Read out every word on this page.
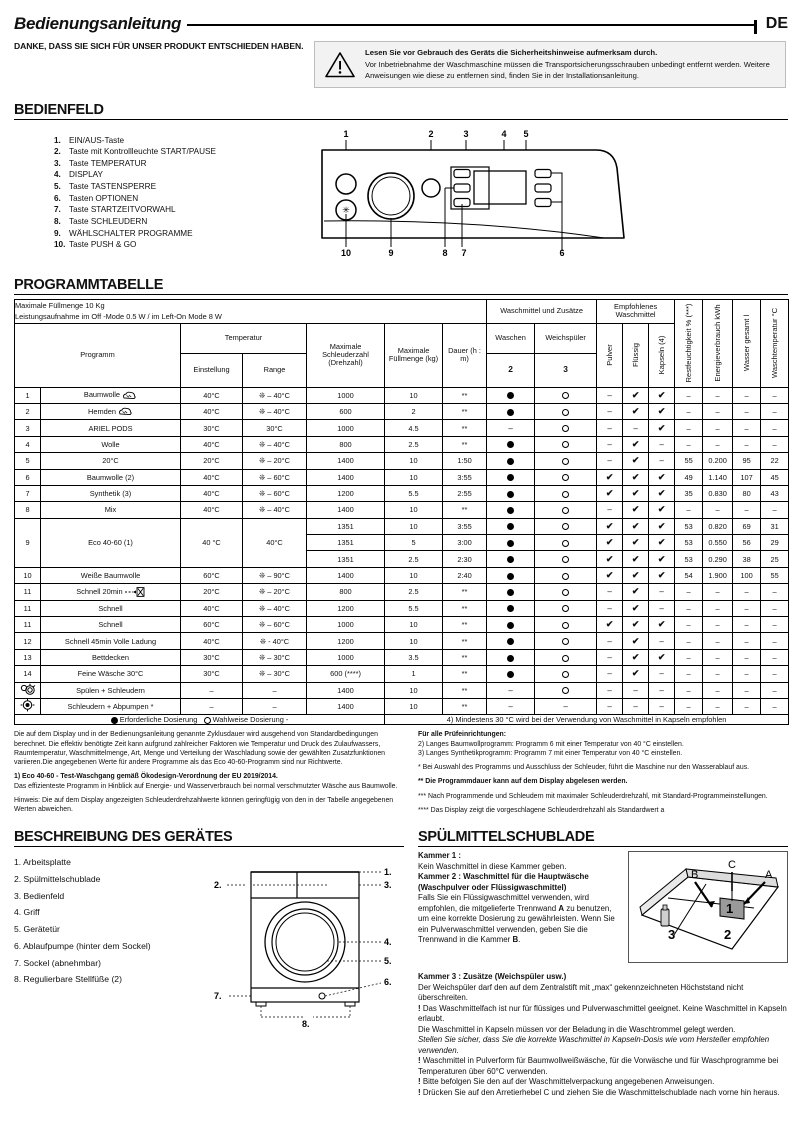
Bedienungsanleitung	DE
DANKE, DASS SIE SICH FÜR UNSER PRODUKT ENTSCHIEDEN HABEN.
Lesen Sie vor Gebrauch des Geräts die Sicherheitshinweise aufmerksam durch.
Vor Inbetriebnahme der Waschmaschine müssen die Transportsicherungsschrauben unbedingt entfernt werden. Weitere Anweisungen wie diese zu entfernen sind, finden Sie in der Installationsanleitung.
BEDIENFELD
1. EIN/AUS-Taste
2. Taste mit Kontrollleuchte START/PAUSE
3. Taste TEMPERATUR
4. DISPLAY
5. Taste TASTENSPERRE
6. Tasten OPTIONEN
7. Taste STARTZEITVORWAHL
8. Taste SCHLEUDERN
9. WÄHLSCHALTER PROGRAMME
10. Taste PUSH & GO
1	2	3	4 5
✳
10	9	8 7	6
PROGRAMMTABELLE
Maximale Füllmenge 10 Kg
Leistungsaufnahme im Off -Mode 0.5 W / im Left-On Mode 8 W							Waschmittel und Zusätze		Empfohlenes Waschmittel			Restfeuchtigkeit % (***)	Energieverbrauch kWh	Wasser gesamt l	Waschtemperatur °C

Programm		Temperatur		Maximale Schleuderzahl (Drehzahl)	Maximale Füllmenge (kg)	Dauer (h : m)	Waschen	Weichspüler	Pulver	Flüssig	Kapseln (4)				

		Einstellung	Range				2	3							
1	Baumwolle	40°C	❊ – 40°C	1000	10	**			–	✔	✔	–	–	–	–
2	Hemden	40°C	❊ – 40°C	600	2	**			–	✔	✔	–	–	–	–
3	ARIEL PODS	30°C	30°C	1000	4.5	**	–		–	–	✔	–	–	–	–
4	Wolle	40°C	❊ – 40°C	800	2.5	**			–	✔	–	–	–	–	–
5	20°C	20°C	❊ – 20°C	1400	10	1:50			–	✔	–	55	0.200	95	22
6	Baumwolle (2)	40°C	❊ – 60°C	1400	10	3:55			✔	✔	✔	49	1.140	107	45
7	Synthetik (3)	40°C	❊ – 60°C	1200	5.5	2:55			✔	✔	✔	35	0.830	80	43
8	Mix	40°C	❊ – 40°C	1400	10	**			–	✔	✔	–	–	–	–
9	Eco 40-60 (1)	40 °C	40°C	1351	10	3:55			✔	✔	✔	53	0.820	69	31
				1351	5	3:00			✔	✔	✔	53	0.550	56	29
				1351	2.5	2:30			✔	✔	✔	53	0.290	38	25
10	Weiße Baumwolle	60°C	❊ – 90°C	1400	10	2:40			✔	✔	✔	54	1.900	100	55
11	Schnell 20min	20°C	❊ – 20°C	800	2.5	**			–	✔	–	–	–	–	–
11	Schnell	40°C	❊ – 40°C	1200	5.5	**			–	✔	–	–	–	–	–
11	Schnell	60°C	❊ – 60°C	1000	10	**			✔	✔	✔	–	–	–	–
12	Schnell 45min Volle Ladung	40°C	❊ - 40°C	1200	10	**			–	✔	–	–	–	–	–
13	Bettdecken	30°C	❊ – 30°C	1000	3.5	**			–	✔	✔	–	–	–	–
14	Feine Wäsche 30°C	30°C	❊ – 30°C	600 (****)	1	**			–	✔	–	–	–	–	–
	Spülen + Schleudern	–	–	1400	10	**	–		–	–	–	–	–	–	–
	Schleudern + Abpumpen *	–	–	1400	10	**	–	–	–	–	–	–	–	–	–
Erforderliche Dosierung Wahlweise Dosierung -					4) Mindestens 30 °C wird bei der Verwendung von Waschmittel in Kapseln empfohlen										

Die auf dem Display und in der Bedienungsanleitung genannte Zyklusdauer wird ausgehend von Standardbedingungen berechnet. Die effektiv benötigte Zeit kann aufgrund zahlreicher Faktoren wie Temperatur und Druck des Zulaufwassers, Raumtemperatur, Waschmittelmenge, Art, Menge und Verteilung der Waschladung sowie der gewählten Zusatzfunktionen variieren.Die angegebenen Werte für andere Programme als das Eco 40-60-Programm sind nur Richtwerte.

1) Eco 40-60 - Test-Waschgang gemäß Ökodesign-Verordnung der EU 2019/2014.
Das effizienteste Programm in Hinblick auf Energie- und Wasserverbrauch bei normal verschmutzter Wäsche aus Baumwolle.

Hinweis: Die auf dem Display angezeigten Schleuderdrehzahlwerte können geringfügig von den in der Tabelle angegebenen Werten abweichen.

Für alle Prüfeinrichtungen:
2) Langes Baumwollprogramm: Programm 6 mit einer Temperatur von 40 °C einstellen.
3) Langes Synthetikprogramm: Programm 7 mit einer Temperatur von 40 °C einstellen.

* Bei Auswahl des Programms und Ausschluss der Schleuder, führt die Maschine nur den Wasserablauf aus.

** Die Programmdauer kann auf dem Display abgelesen werden.

*** Nach Programmende und Schleudern mit maximaler Schleuderdrehzahl, mit Standard-Programmeinstellungen.

**** Das Display zeigt die vorgeschlagene Schleuderdrehzahl als Standardwert a

BESCHREIBUNG DES GERÄTES
1. Arbeitsplatte
2. Spülmittelschublade
3. Bedienfeld
4. Griff
5. Gerätetür
6. Ablaufpumpe (hinter dem Sockel)
7. Sockel (abnehmbar)
8. Regulierbare Stellfüße (2)
1.
2.	3.
4.
5.
6.
7.
8.
SPÜLMITTELSCHUBLADE
Kammer 1 :
Kein Waschmittel in diese Kammer geben.
Kammer 2 : Waschmittel für die Hauptwäsche (Waschpulver oder Flüssigwaschmittel)
Falls Sie ein Flüssigwaschmittel verwenden, wird empfohlen, die mitgelieferte Trennwand A zu benutzen, um eine korrekte Dosierung zu gewährleisten. Wenn Sie ein Pulverwaschmittel verwenden, geben Sie die Trennwand in die Kammer B.
1
2
3
C
B	A
Kammer 3 : Zusätze (Weichspüler usw.)
Der Weichspüler darf den auf dem Zentralstift mit „max“ gekennzeichneten Höchststand nicht überschreiten.
! Das Waschmittelfach ist nur für flüssiges und Pulverwaschmittel geeignet. Keine Waschmittel in Kapseln erlaubt.
Die Waschmittel in Kapseln müssen vor der Beladung in die Waschtrommel gelegt werden.
Stellen Sie sicher, dass Sie die korrekte Waschmittel in Kapseln-Dosis wie vom Hersteller empfohlen verwenden.
! Waschmittel in Pulverform für Baumwollweißwäsche, für die Vorwäsche und für Waschprogramme bei Temperaturen über 60°C verwenden.
! Bitte befolgen Sie den auf der Waschmittelverpackung angegebenen Anweisungen.
! Drücken Sie auf den Arretierhebel C und ziehen Sie die Waschmittelschublade nach vorne hin heraus.
